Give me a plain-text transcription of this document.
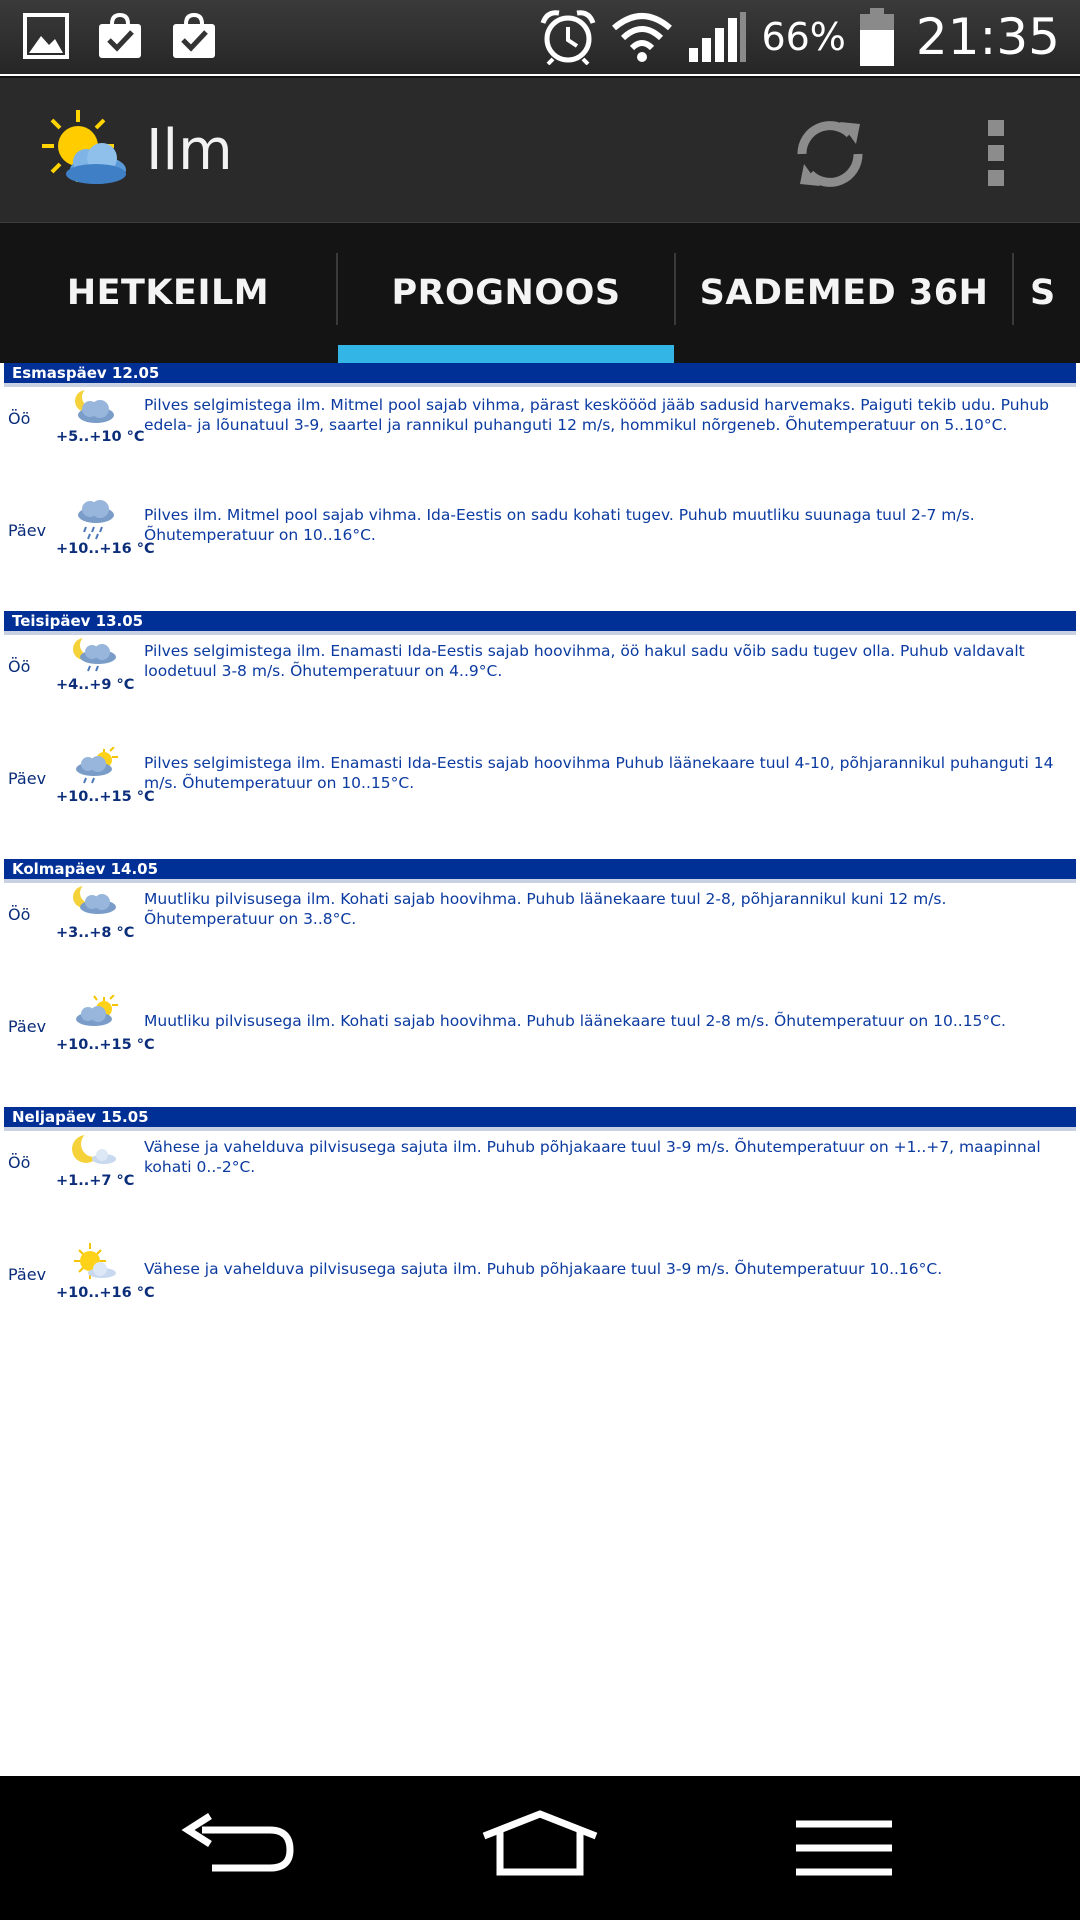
66% 21:35
Ilm
HETKEILM	PROGNOOS	SADEMED 36H	S
Esmaspäev 12.05
Öö
+5..+10 °C
Pilves selgimistega ilm. Mitmel pool sajab vihma, pärast kesköööd jääb sadusid harvemaks. Paiguti tekib udu. Puhub edela- ja lõunatuul 3-9, saartel ja rannikul puhanguti 12 m/s, hommikul nõrgeneb. Õhutemperatuur on 5..10°C.
Päev
+10..+16 °C
Pilves ilm. Mitmel pool sajab vihma. Ida-Eestis on sadu kohati tugev. Puhub muutliku suunaga tuul 2-7 m/s. Õhutemperatuur on 10..16°C.
Teisipäev 13.05
Öö
+4..+9 °C
Pilves selgimistega ilm. Enamasti Ida-Eestis sajab hoovihma, öö hakul sadu võib sadu tugev olla. Puhub valdavalt loodetuul 3-8 m/s. Õhutemperatuur on 4..9°C.
Päev
+10..+15 °C
Pilves selgimistega ilm. Enamasti Ida-Eestis sajab hoovihma Puhub läänekaare tuul 4-10, põhjarannikul puhanguti 14 m/s. Õhutemperatuur on 10..15°C.
Kolmapäev 14.05
Öö
+3..+8 °C
Muutliku pilvisusega ilm. Kohati sajab hoovihma. Puhub läänekaare tuul 2-8, põhjarannikul kuni 12 m/s. Õhutemperatuur on 3..8°C.
Päev
+10..+15 °C
Muutliku pilvisusega ilm. Kohati sajab hoovihma. Puhub läänekaare tuul 2-8 m/s. Õhutemperatuur on 10..15°C.
Neljapäev 15.05
Öö
+1..+7 °C
Vähese ja vahelduva pilvisusega sajuta ilm. Puhub põhjakaare tuul 3-9 m/s. Õhutemperatuur on +1..+7, maapinnal kohati 0..-2°C.
Päev
+10..+16 °C
Vähese ja vahelduva pilvisusega sajuta ilm. Puhub põhjakaare tuul 3-9 m/s. Õhutemperatuur 10..16°C.
